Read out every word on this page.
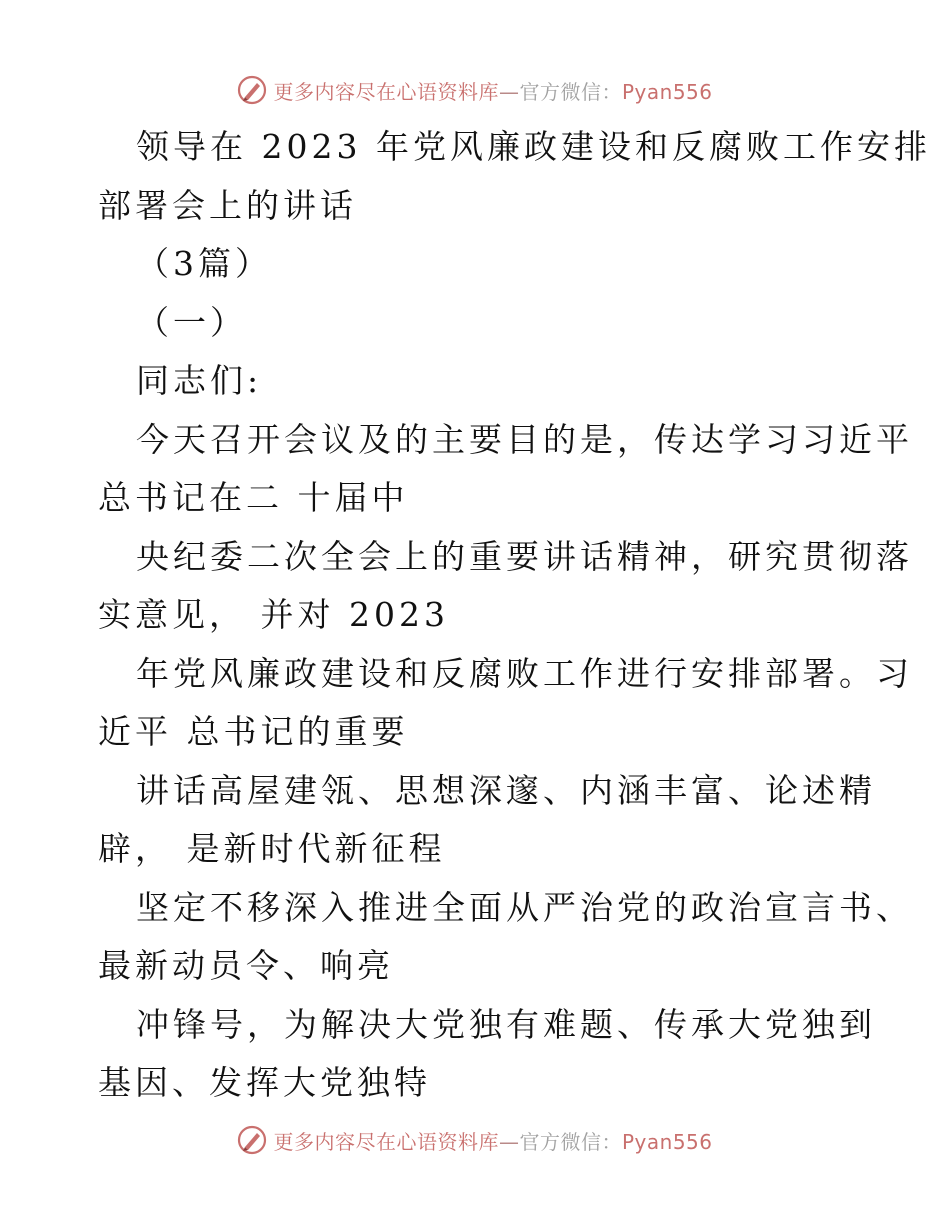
更多内容尽在心语资料库—官方微信：Pyan556
领导在 2023 年党风廉政建设和反腐败工作安排
部署会上的讲话
（3篇）
（一）
同志们:
今天召开会议及的主要目的是，传达学习习近平
总书记在二 十届中
央纪委二次全会上的重要讲话精神，研究贯彻落
实意见， 并对 2023
年党风廉政建设和反腐败工作进行安排部署。习
近平 总书记的重要
讲话高屋建瓴、思想深邃、内涵丰富、论述精
辟， 是新时代新征程
坚定不移深入推进全面从严治党的政治宣言书、
最新动员令、响亮
冲锋号，为解决大党独有难题、传承大党独到
基因、发挥大党独特
更多内容尽在心语资料库—官方微信：Pyan556
